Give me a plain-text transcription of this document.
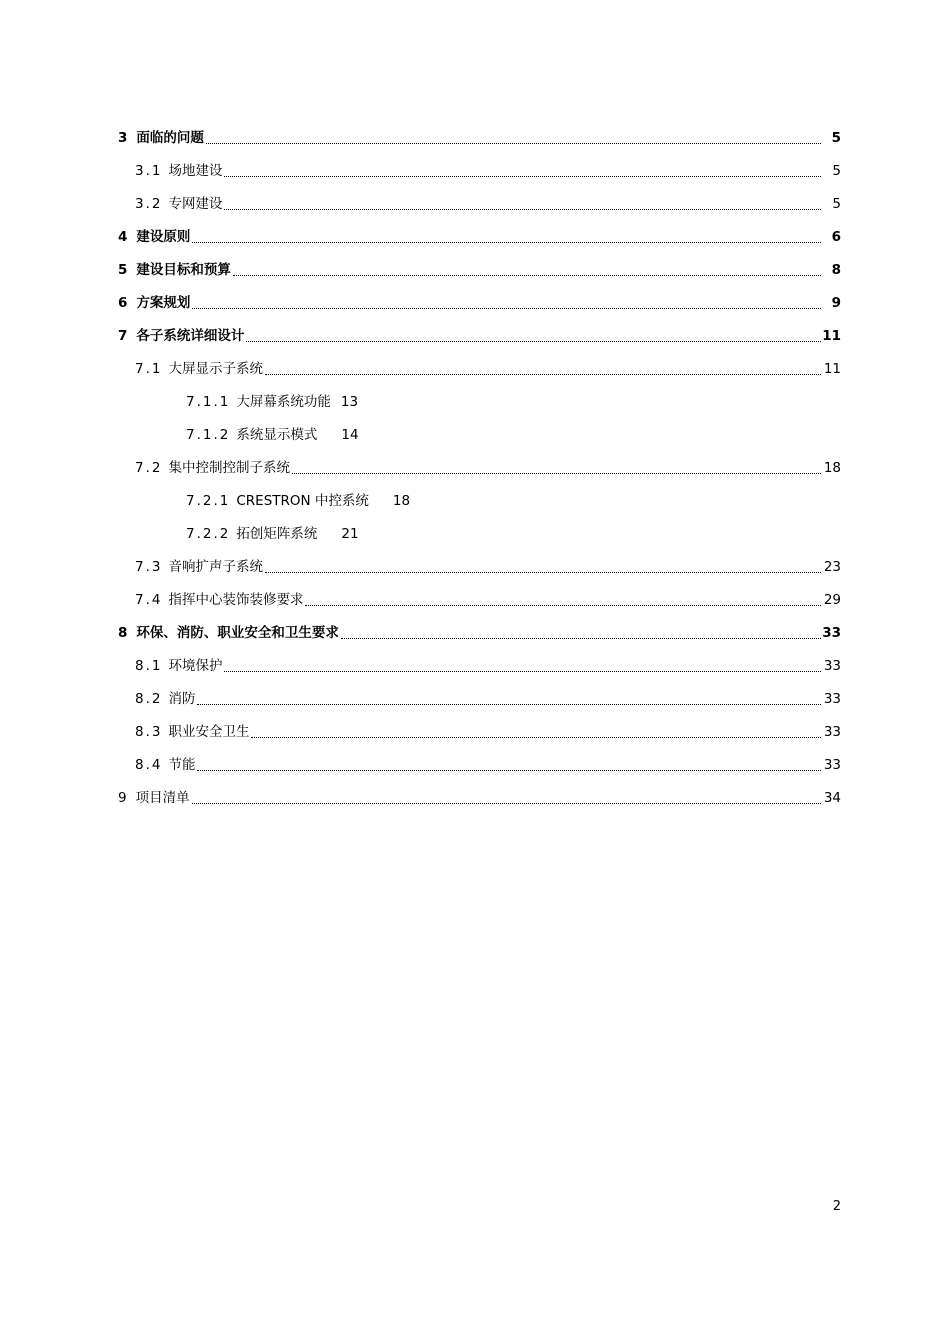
3 面临的问题	5
3.1 场地建设	5
3.2 专网建设	5
4 建设原则	6
5 建设目标和预算	8
6 方案规划	9
7 各子系统详细设计	11
7.1 大屏显示子系统	11
7.1.1 大屏幕系统功能 13
7.1.2 系统显示模式 14
7.2 集中控制控制子系统	18
7.2.1 CRESTRON 中控系统 18
7.2.2 拓创矩阵系统 21
7.3 音响扩声子系统	23
7.4 指挥中心装饰装修要求	29
8 环保、消防、职业安全和卫生要求	33
8.1 环境保护	33
8.2 消防	33
8.3 职业安全卫生	33
8.4 节能	33
9 项目清单	34
2
